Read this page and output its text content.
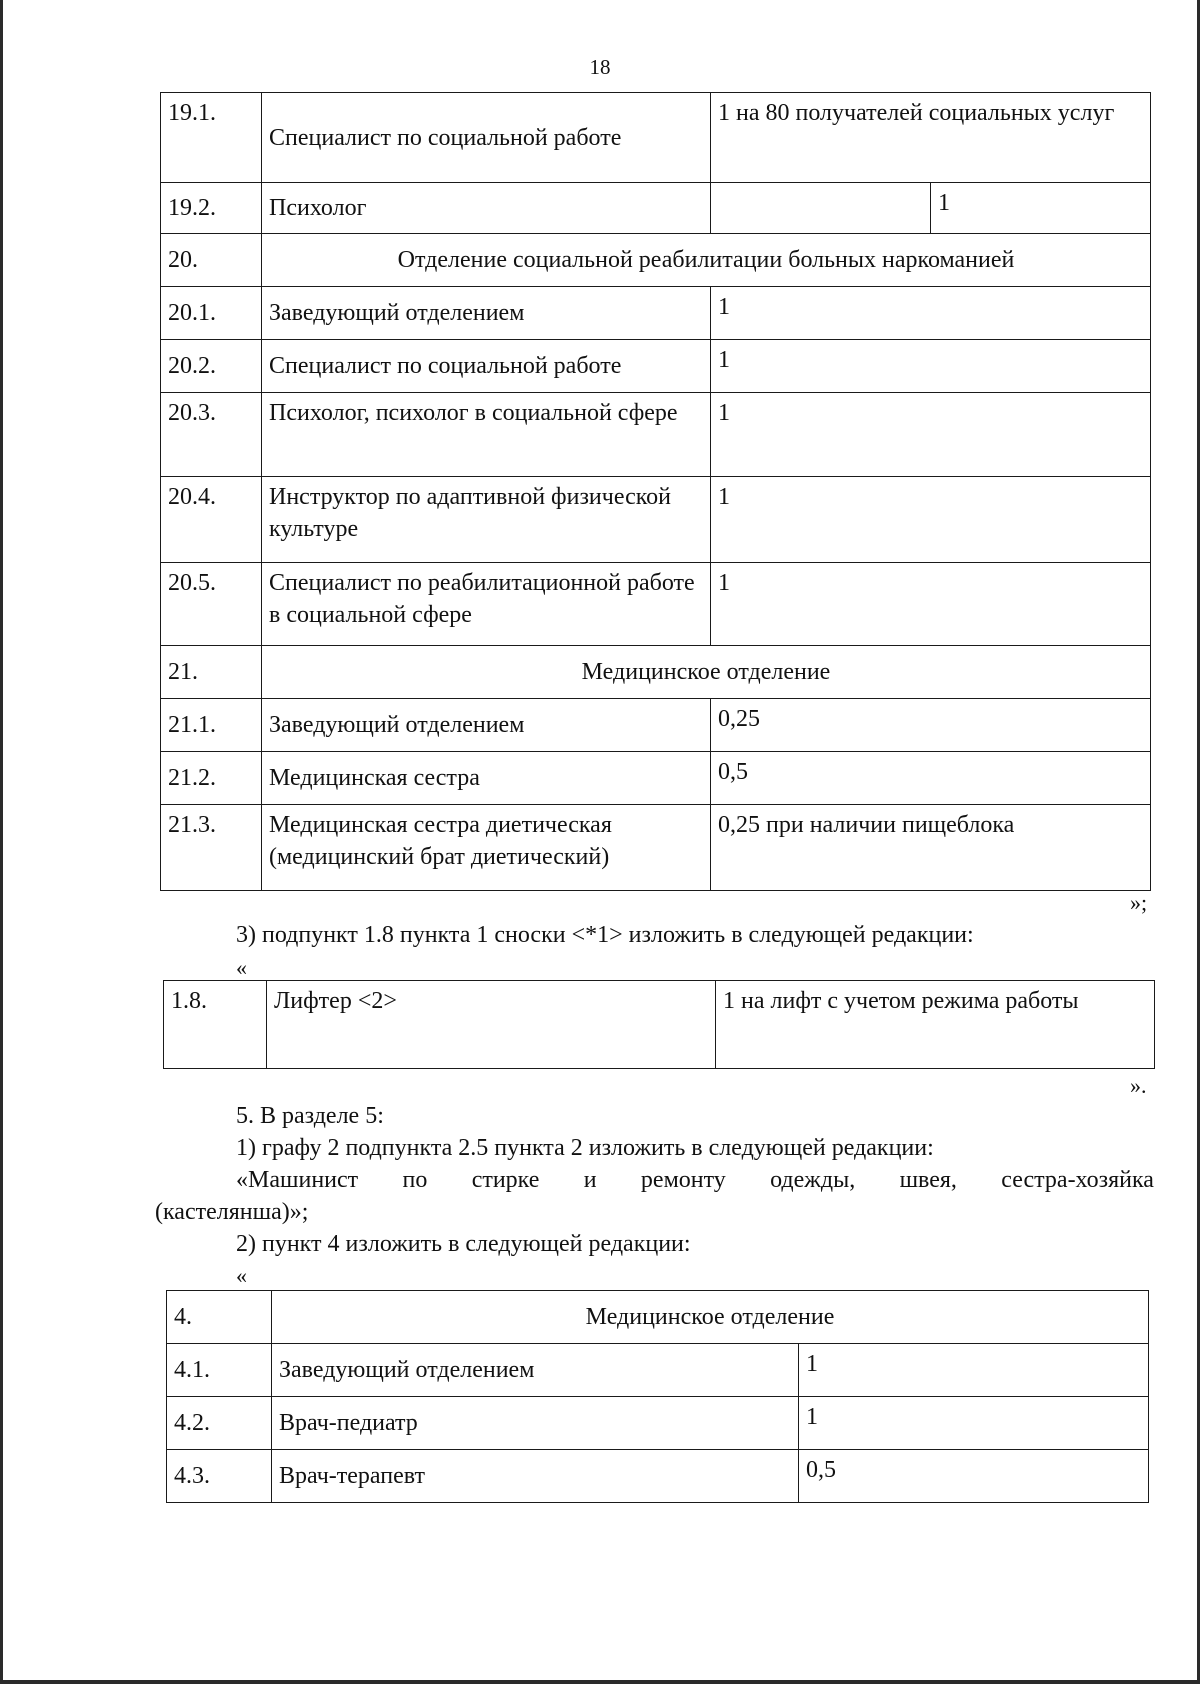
18
19.1.	Специалист по социальной работе	1 на 80 получателей социальных услуг	
19.2.	Психолог		1
20.	Отделение социальной реабилитации больных наркоманией		
20.1.	Заведующий отделением	1	
20.2.	Специалист по социальной работе	1	
20.3.	Психолог, психолог в социальной сфере	1	
20.4.	Инструктор по адаптивной физической культуре	1	
20.5.	Специалист по реабилитационной работе в социальной сфере	1	
21.	Медицинское отделение		
21.1.	Заведующий отделением	0,25	
21.2.	Медицинская сестра	0,5	
21.3.	Медицинская сестра диетическая (медицинский брат диетический)	0,25 при наличии пищеблока	
»;
3) подпункт 1.8 пункта 1 сноски <*1> изложить в следующей редакции:
«
1.8.	Лифтер <2>	1 на лифт с учетом режима работы
».
5. В разделе 5:
1) графу 2 подпункта 2.5 пункта 2 изложить в следующей редакции:
«Машинист по стирке и ремонту одежды, швея, сестра-хозяйка
(кастелянша)»;
2) пункт 4 изложить в следующей редакции:
«
4.	Медицинское отделение	
4.1.	Заведующий отделением	1
4.2.	Врач-педиатр	1
4.3.	Врач-терапевт	0,5
